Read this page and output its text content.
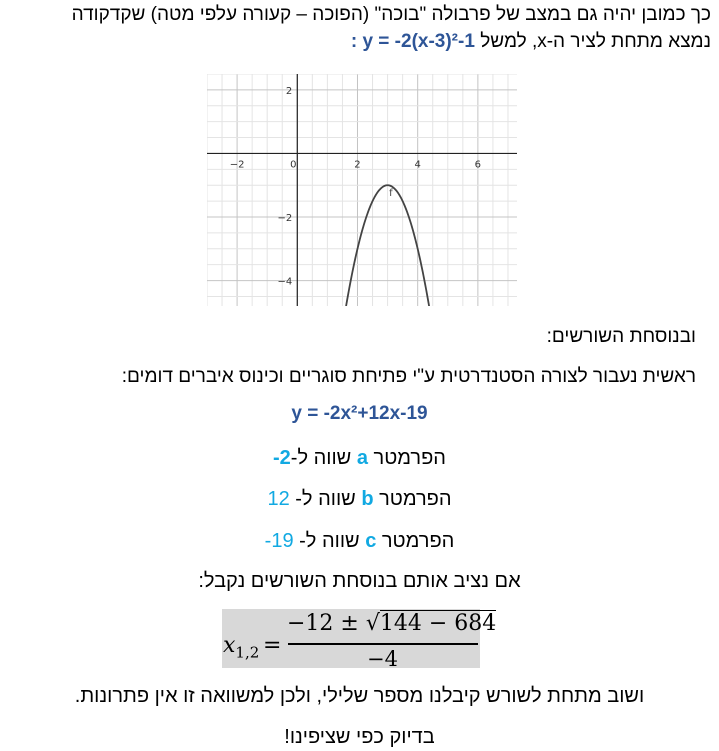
כך כמובן יהיה גם במצב של פרבולה "בוכה" (הפוכה – קעורה עלפי מטה) שקדקודה
נמצא מתחת לציר ה-x, למשל y = -2(x-3)²-1 :
−2	0	2	4	6
2
−2
−4
f
ובנוסחת השורשים:
ראשית נעבור לצורה הסטנדרטית ע"י פתיחת סוגריים וכינוס איברים דומים:
y = -2x²+12x-19
הפרמטר a שווה ל-2-
הפרמטר b שווה ל- 12
הפרמטר c שווה ל- 19-
אם נציב אותם בנוסחת השורשים נקבל:
$x_{1,2}$ =
−12 ± √144 − 684
−4
ושוב מתחת לשורש קיבלנו מספר שלילי, ולכן למשוואה זו אין פתרונות.
בדיוק כפי שציפינו!
